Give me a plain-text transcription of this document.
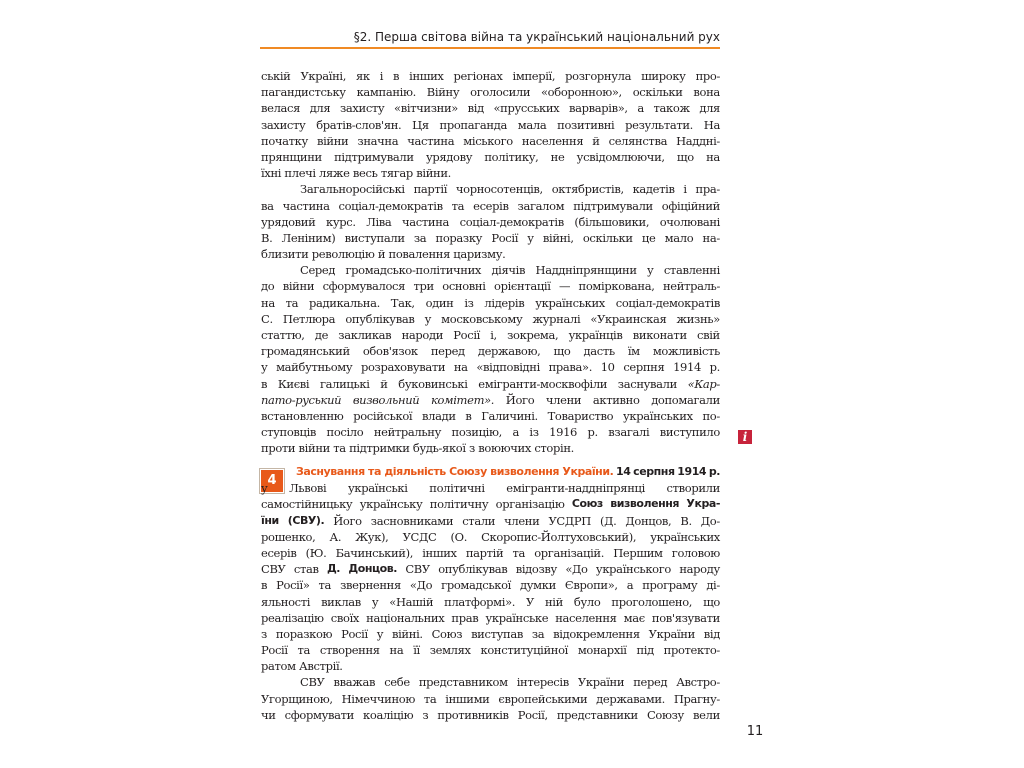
§2. Перша світова війна та український національний рух
ській Україні, як і в інших регіонах імперії, розгорнула широку про-
пагандистську кампанію. Війну оголосили «оборонною», оскільки вона
велася для захисту «вітчизни» від «прусських варварів», а також для
захисту братів-слов'ян. Ця пропаганда мала позитивні результати. На
початку війни значна частина міського населення й селянства Наддні-
прянщини підтримували урядову політику, не усвідомлюючи, що на
їхні плечі ляже весь тягар війни.
Загальноросійські партії чорносотенців, октябристів, кадетів і пра-
ва частина соціал-демократів та есерів загалом підтримували офіційний
урядовий курс. Ліва частина соціал-демократів (більшовики, очолювані
В. Леніним) виступали за поразку Росії у війні, оскільки це мало на-
близити революцію й повалення царизму.
Серед громадсько-політичних діячів Наддніпрянщини у ставленні
до війни сформувалося три основні орієнтації — поміркована, нейтраль-
на та радикальна. Так, один із лідерів українських соціал-демократів
С. Петлюра опублікував у московському журналі «Украинская жизнь»
статтю, де закликав народи Росії і, зокрема, українців виконати свій
громадянський обов'язок перед державою, що дасть їм можливість
у майбутньому розраховувати на «відповідні права». 10 серпня 1914 р.
в Києві галицькі й буковинські емігранти-москвофіли заснували «Кар-
пато-руський визвольний комітет». Його члени активно допомагали
встановленню російської влади в Галичині. Товариство українських по-
ступовців посіло нейтральну позицію, а із 1916 р. взагалі виступило
проти війни та підтримки будь-якої з воюючих сторін.
i
4
Заснування та діяльність Союзу визволення України. 14 серпня 1914 р.
у Львові українські політичні емігранти-наддніпрянці створили
самостійницьку українську політичну організацію Союз визволення Укра-
їни (СВУ). Його засновниками стали члени УСДРП (Д. Донцов, В. До-
рошенко, А. Жук), УСДС (О. Скоропис-Йолтуховський), українських
есерів (Ю. Бачинський), інших партій та організацій. Першим головою
СВУ став Д. Донцов. СВУ опублікував відозву «До українського народу
в Росії» та звернення «До громадської думки Європи», а програму ді-
яльності виклав у «Нашій платформі». У ній було проголошено, що
реалізацію своїх національних прав українське населення має пов'язувати
з поразкою Росії у війні. Союз виступав за відокремлення України від
Росії та створення на її землях конституційної монархії під протекто-
ратом Австрії.
СВУ вважав себе представником інтересів України перед Австро-
Угорщиною, Німеччиною та іншими європейськими державами. Прагну-
чи сформувати коаліцію з противників Росії, представники Союзу вели
11
